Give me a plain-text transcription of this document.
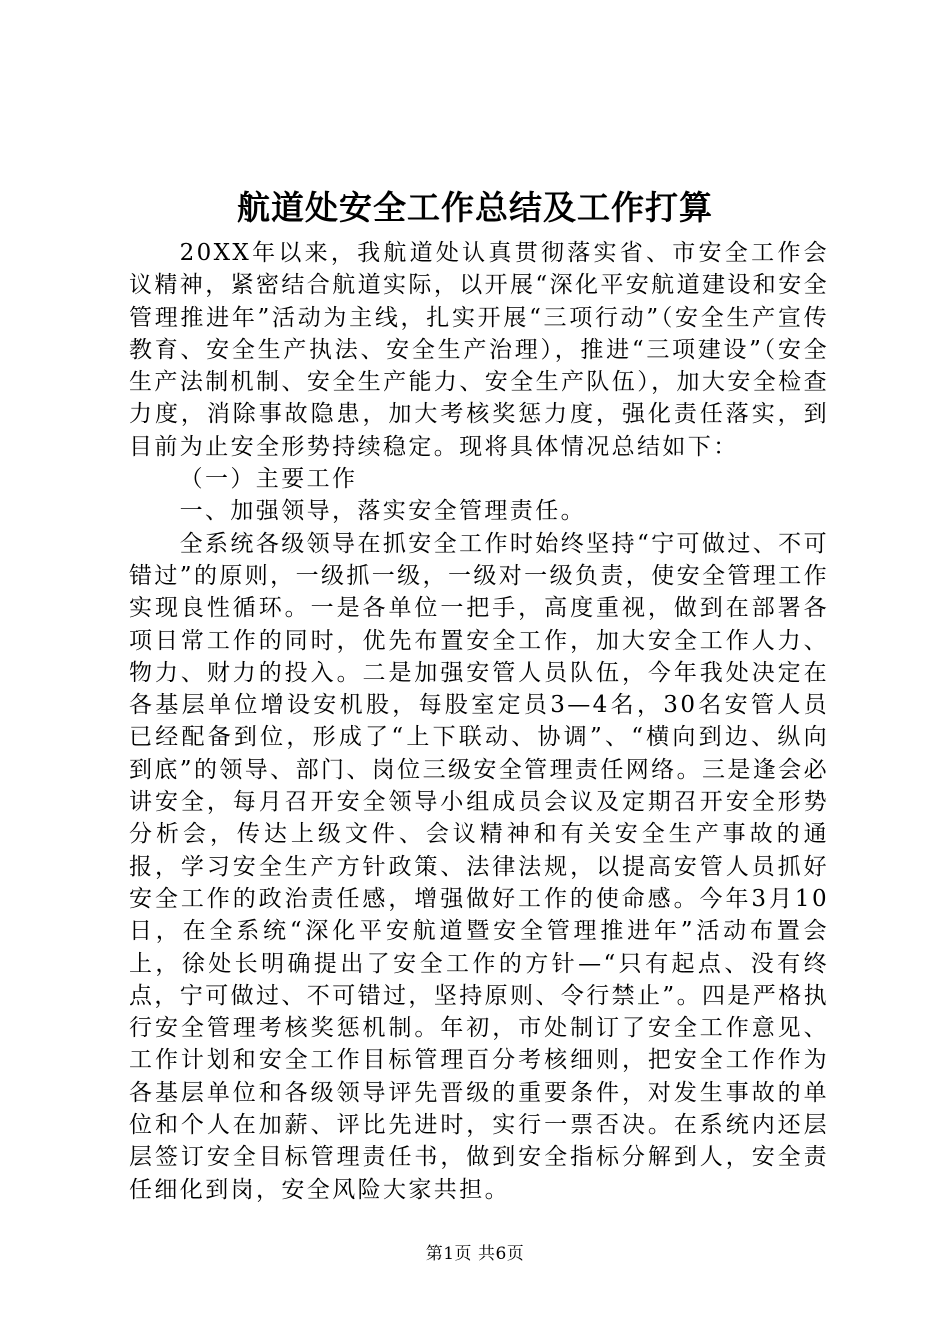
航道处安全工作总结及工作打算

20XX年以来，我航道处认真贯彻落实省、市安全工作会议精神，紧密结合航道实际，以开展“深化平安航道建设和安全管理推进年”活动为主线，扎实开展“三项行动”（安全生产宣传教育、安全生产执法、安全生产治理），推进“三项建设”（安全生产法制机制、安全生产能力、安全生产队伍），加大安全检查力度，消除事故隐患，加大考核奖惩力度，强化责任落实，到目前为止安全形势持续稳定。现将具体情况总结如下：

（一）主要工作

一、加强领导，落实安全管理责任。

全系统各级领导在抓安全工作时始终坚持“宁可做过、不可错过”的原则，一级抓一级，一级对一级负责，使安全管理工作实现良性循环。一是各单位一把手，高度重视，做到在部署各项日常工作的同时，优先布置安全工作，加大安全工作人力、物力、财力的投入。二是加强安管人员队伍，今年我处决定在各基层单位增设安机股，每股室定员3—4名，30名安管人员已经配备到位，形成了“上下联动、协调”、“横向到边、纵向到底”的领导、部门、岗位三级安全管理责任网络。三是逢会必讲安全，每月召开安全领导小组成员会议及定期召开安全形势分析会，传达上级文件、会议精神和有关安全生产事故的通报，学习安全生产方针政策、法律法规，以提高安管人员抓好安全工作的政治责任感，增强做好工作的使命感。今年3月10日，在全系统“深化平安航道暨安全管理推进年”活动布置会上，徐处长明确提出了安全工作的方针—“只有起点、没有终点，宁可做过、不可错过，坚持原则、令行禁止”。四是严格执行安全管理考核奖惩机制。年初，市处制订了安全工作意见、工作计划和安全工作目标管理百分考核细则，把安全工作作为各基层单位和各级领导评先晋级的重要条件，对发生事故的单位和个人在加薪、评比先进时，实行一票否决。在系统内还层层签订安全目标管理责任书，做到安全指标分解到人，安全责任细化到岗，安全风险大家共担。

第1页 共6页
